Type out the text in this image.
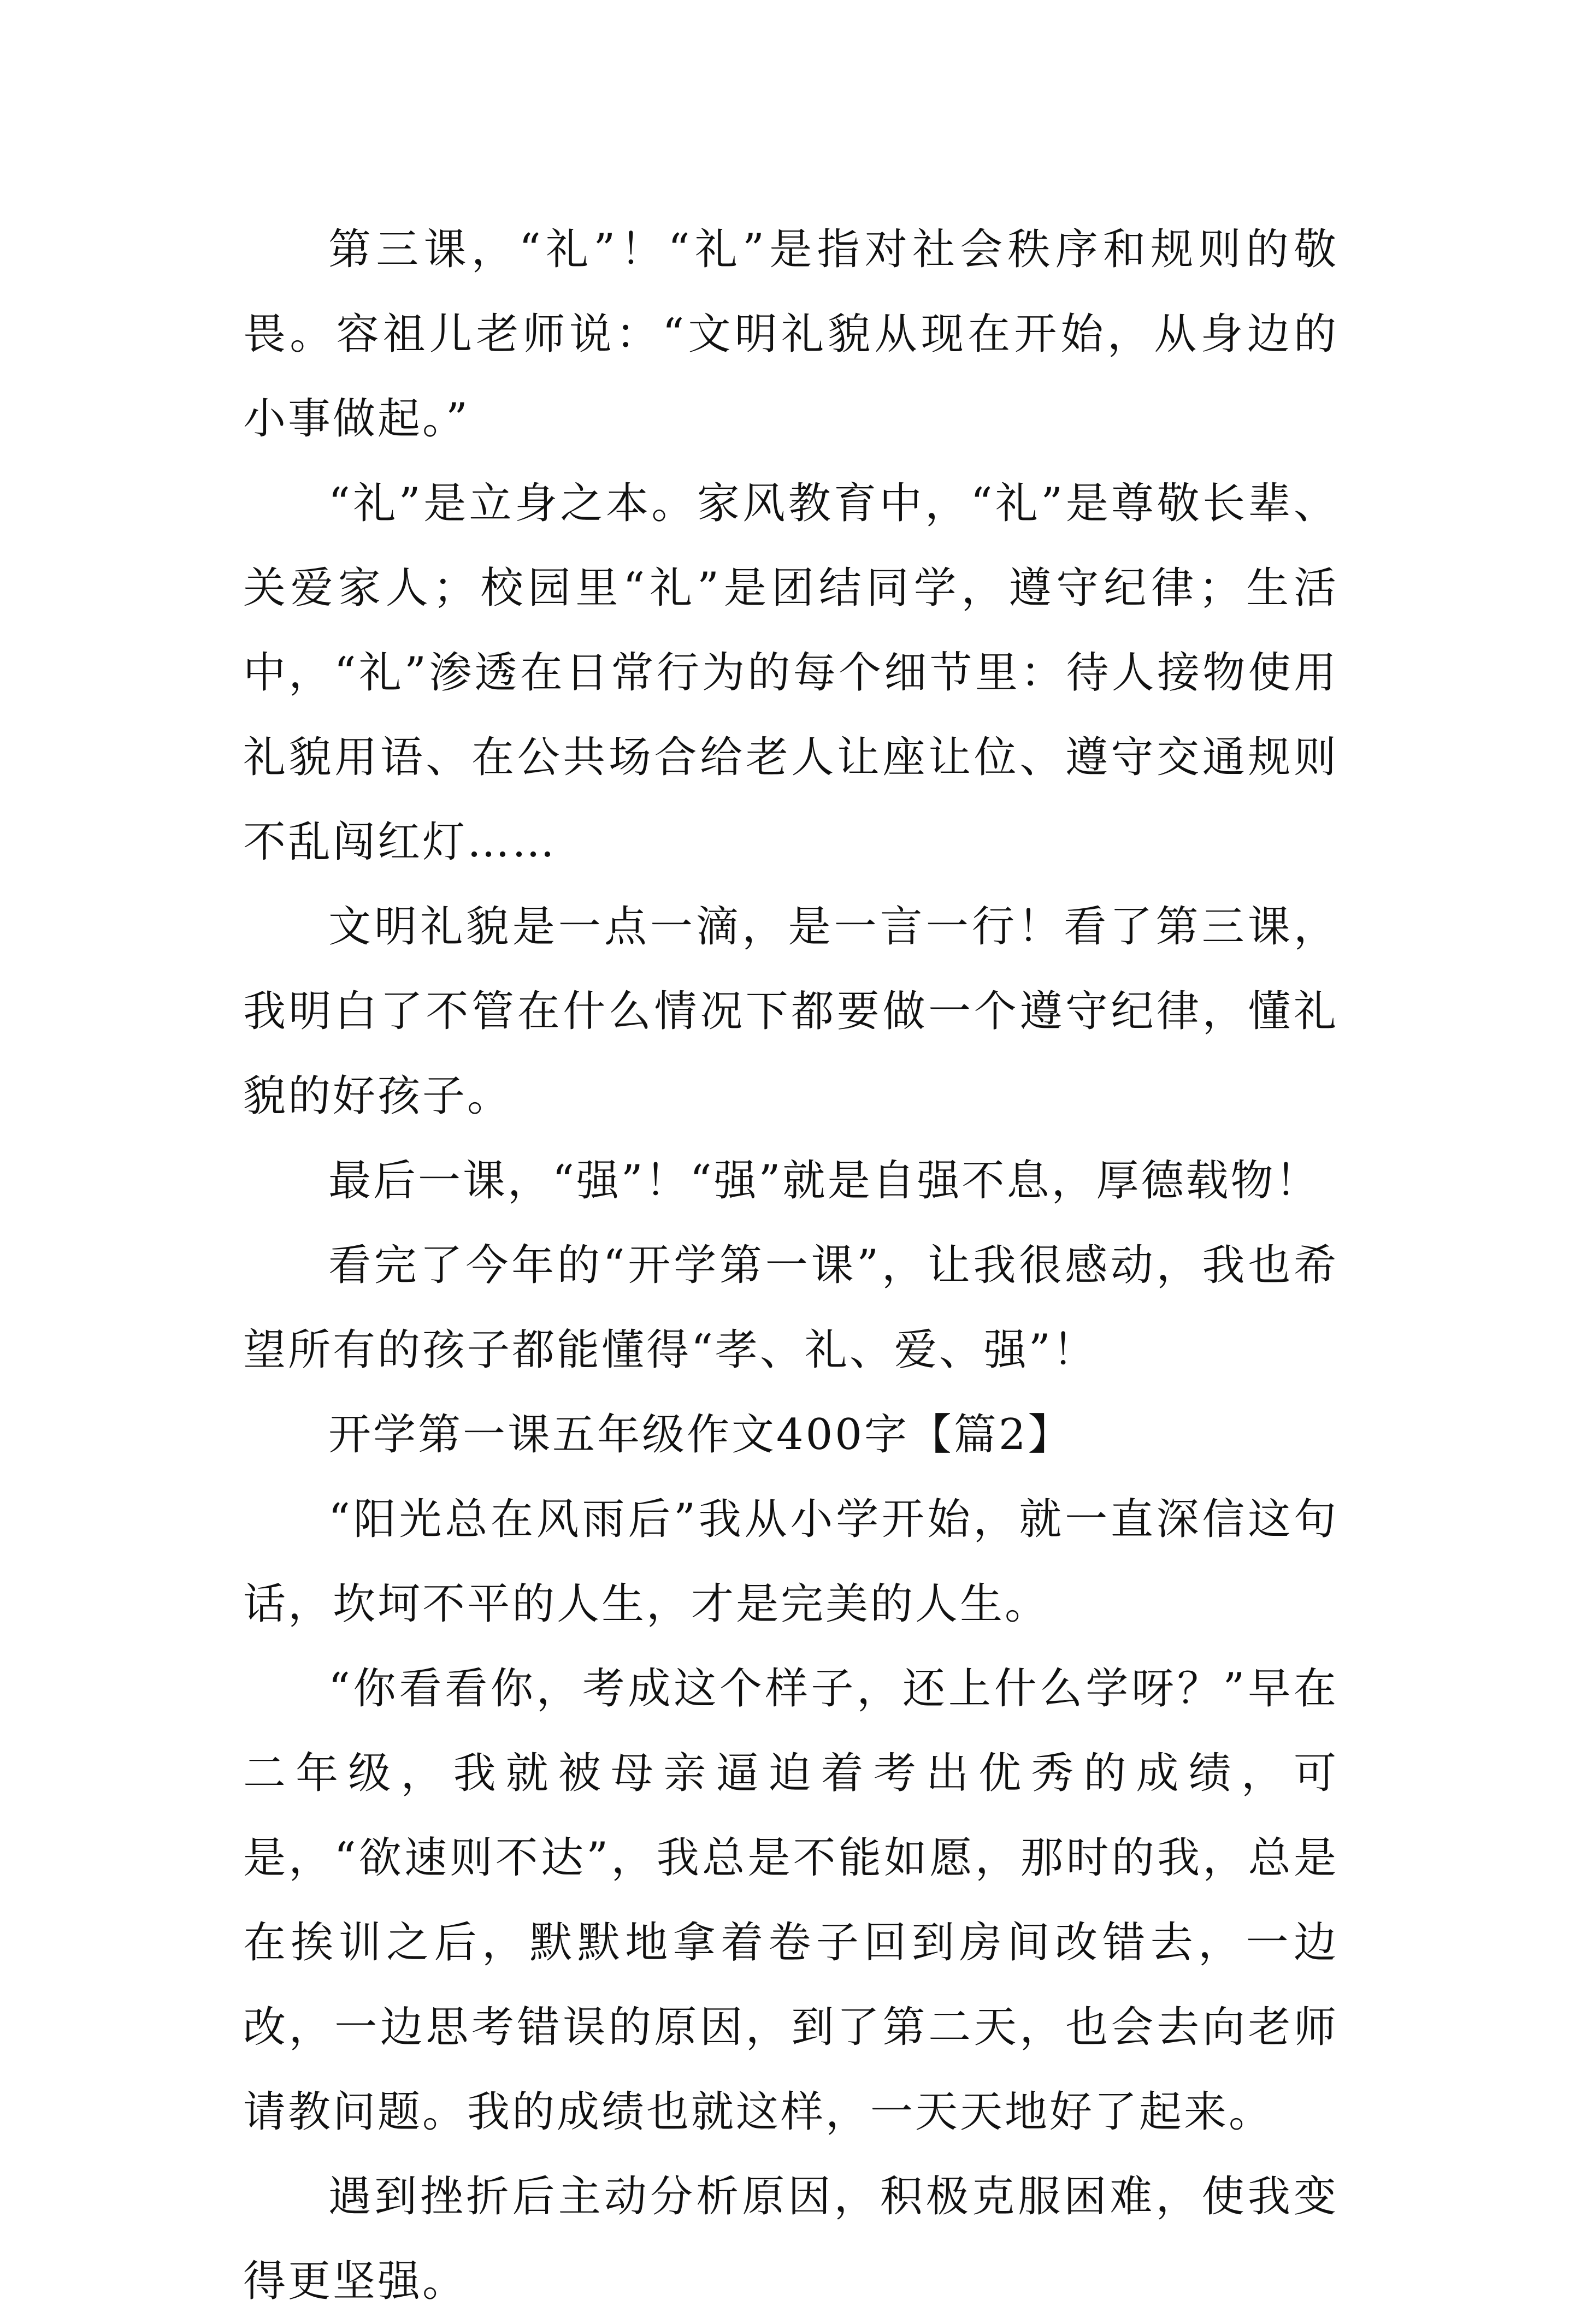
第三课，“礼”！“礼”是指对社会秩序和规则的敬畏。容祖儿老师说：“文明礼貌从现在开始，从身边的小事做起。”

“礼”是立身之本。家风教育中，“礼”是尊敬长辈、关爱家人；校园里“礼”是团结同学，遵守纪律；生活中，“礼”渗透在日常行为的每个细节里：待人接物使用礼貌用语、在公共场合给老人让座让位、遵守交通规则不乱闯红灯……

文明礼貌是一点一滴，是一言一行！看了第三课，我明白了不管在什么情况下都要做一个遵守纪律，懂礼貌的好孩子。

最后一课，“强”！“强”就是自强不息，厚德载物！

看完了今年的“开学第一课”，让我很感动，我也希望所有的孩子都能懂得“孝、礼、爱、强”！

开学第一课五年级作文400字【篇2】

“阳光总在风雨后”我从小学开始，就一直深信这句话，坎坷不平的人生，才是完美的人生。

“你看看你，考成这个样子，还上什么学呀？”早在二年级，我就被母亲逼迫着考出优秀的成绩，可是，“欲速则不达”，我总是不能如愿，那时的我，总是在挨训之后，默默地拿着卷子回到房间改错去，一边改，一边思考错误的原因，到了第二天，也会去向老师请教问题。我的成绩也就这样，一天天地好了起来。

遇到挫折后主动分析原因，积极克服困难，使我变得更坚强。
